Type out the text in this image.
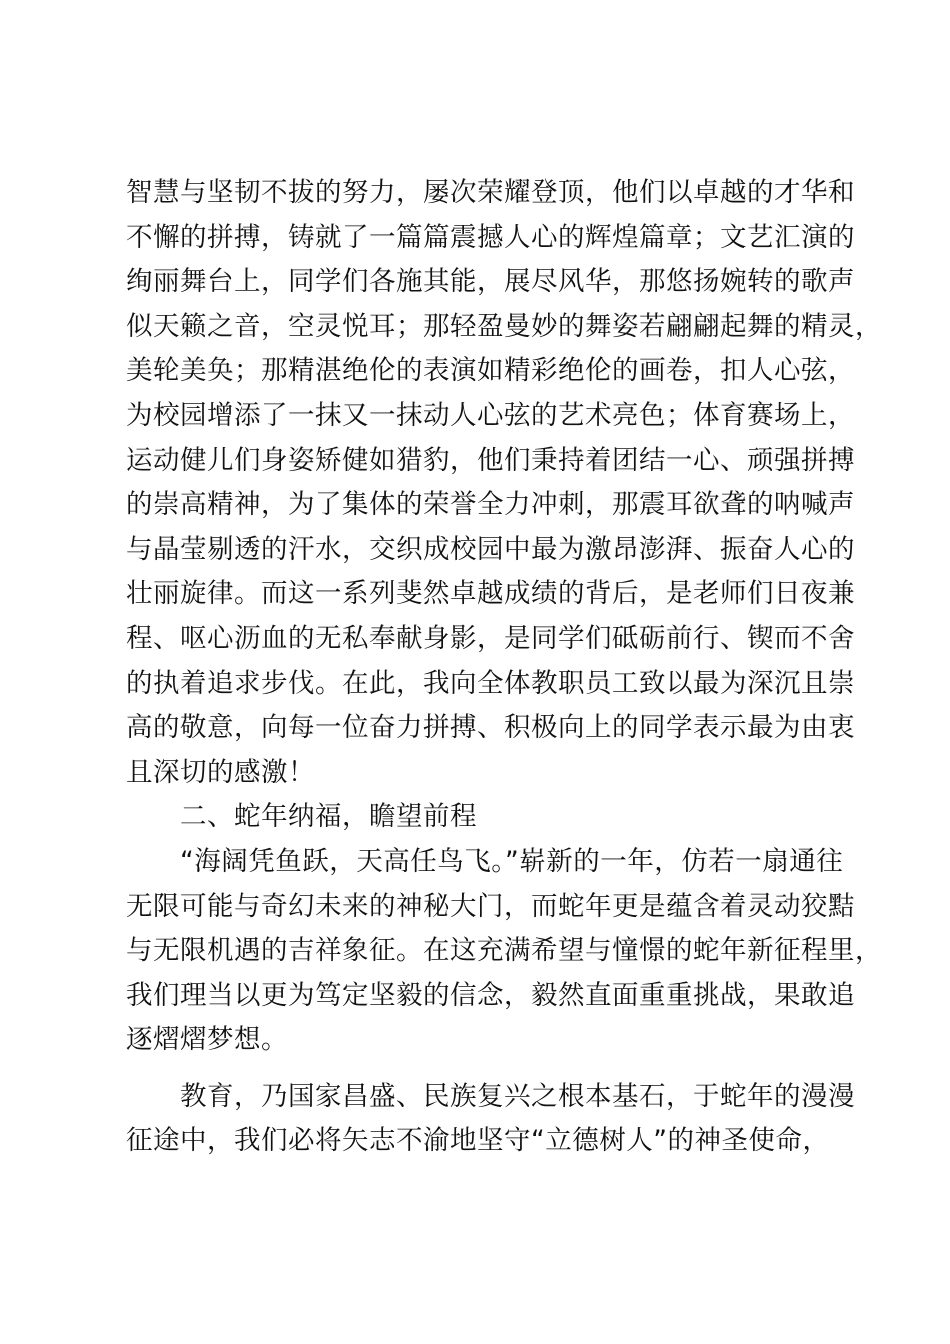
智慧与坚韧不拔的努力，屡次荣耀登顶，他们以卓越的才华和
不懈的拼搏，铸就了一篇篇震撼人心的辉煌篇章；文艺汇演的
绚丽舞台上，同学们各施其能，展尽风华，那悠扬婉转的歌声
似天籁之音，空灵悦耳；那轻盈曼妙的舞姿若翩翩起舞的精灵，
美轮美奂；那精湛绝伦的表演如精彩绝伦的画卷，扣人心弦，
为校园增添了一抹又一抹动人心弦的艺术亮色；体育赛场上，
运动健儿们身姿矫健如猎豹，他们秉持着团结一心、顽强拼搏
的崇高精神，为了集体的荣誉全力冲刺，那震耳欲聋的呐喊声
与晶莹剔透的汗水，交织成校园中最为激昂澎湃、振奋人心的
壮丽旋律。而这一系列斐然卓越成绩的背后，是老师们日夜兼
程、呕心沥血的无私奉献身影，是同学们砥砺前行、锲而不舍
的执着追求步伐。在此，我向全体教职员工致以最为深沉且崇
高的敬意，向每一位奋力拼搏、积极向上的同学表示最为由衷
且深切的感激！
二、蛇年纳福，瞻望前程
“海阔凭鱼跃，天高任鸟飞。”崭新的一年，仿若一扇通往
无限可能与奇幻未来的神秘大门，而蛇年更是蕴含着灵动狡黠
与无限机遇的吉祥象征。在这充满希望与憧憬的蛇年新征程里，
我们理当以更为笃定坚毅的信念，毅然直面重重挑战，果敢追
逐熠熠梦想。
教育，乃国家昌盛、民族复兴之根本基石，于蛇年的漫漫
征途中，我们必将矢志不渝地坚守“立德树人”的神圣使命，
